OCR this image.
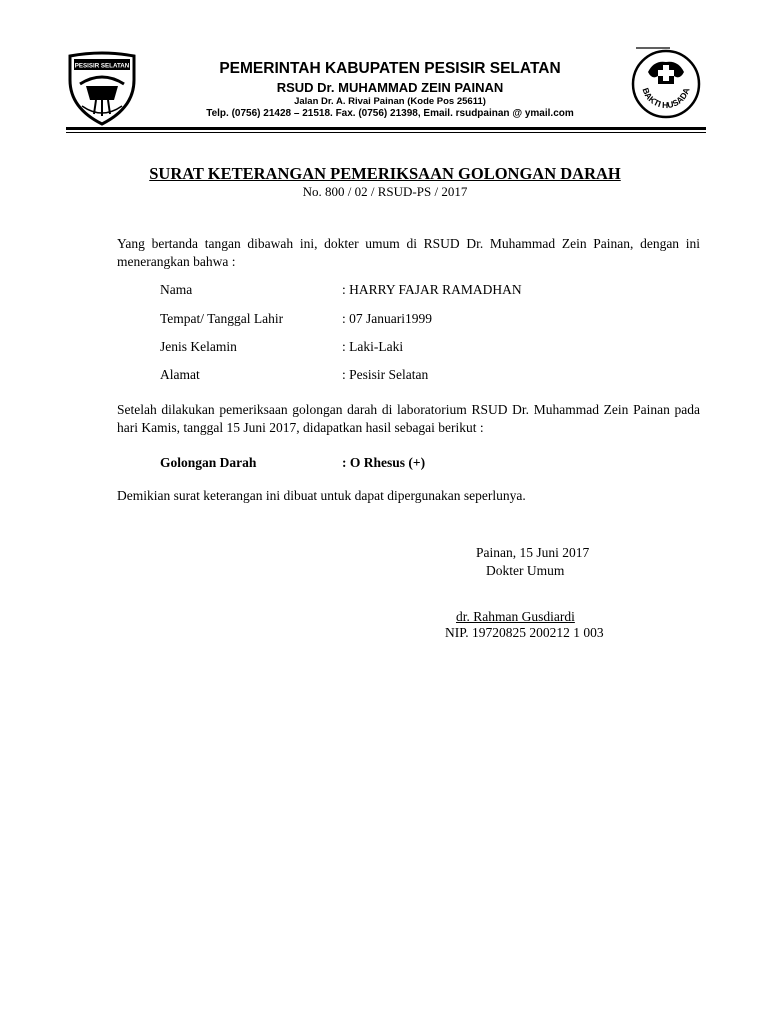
PESISIR SELATAN
BAKTI HUSADA
PEMERINTAH KABUPATEN PESISIR SELATAN
RSUD Dr. MUHAMMAD ZEIN PAINAN
Jalan Dr. A. Rivai Painan (Kode Pos 25611)
Telp. (0756) 21428 – 21518. Fax. (0756) 21398, Email. rsudpainan @ ymail.com
SURAT KETERANGAN PEMERIKSAAN GOLONGAN DARAH
No. 800 / 02 / RSUD-PS / 2017
Yang bertanda tangan dibawah ini, dokter umum di RSUD Dr. Muhammad Zein Painan, dengan ini menerangkan bahwa :
Nama	: HARRY FAJAR RAMADHAN
Tempat/ Tanggal Lahir	: 07 Januari1999
Jenis Kelamin	: Laki-Laki
Alamat	: Pesisir Selatan
Setelah dilakukan pemeriksaan golongan darah di laboratorium RSUD Dr. Muhammad Zein Painan pada hari Kamis, tanggal 15 Juni 2017, didapatkan hasil sebagai berikut :
Golongan Darah	: O Rhesus (+)
Demikian surat keterangan ini dibuat untuk dapat dipergunakan seperlunya.
Painan, 15 Juni 2017
Dokter Umum
dr. Rahman Gusdiardi
NIP. 19720825 200212 1 003
